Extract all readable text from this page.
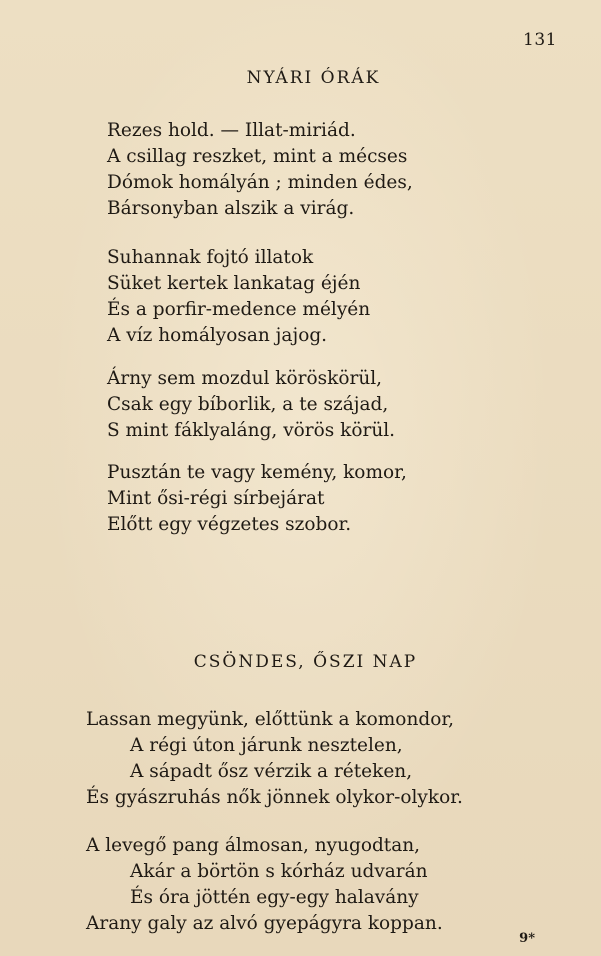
131
NYÁRI ÓRÁK
Rezes hold. — Illat-miriád.
A csillag reszket, mint a mécses
Dómok homályán ; minden édes,
Bársonyban alszik a virág.
Suhannak fojtó illatok
Süket kertek lankatag éjén
És a porfir-medence mélyén
A víz homályosan jajog.
Árny sem mozdul köröskörül,
Csak egy bíborlik, a te szájad,
S mint fáklyaláng, vörös körül.
Pusztán te vagy kemény, komor,
Mint ősi-régi sírbejárat
Előtt egy végzetes szobor.
CSÖNDES, ŐSZI NAP
Lassan megyünk, előttünk a komondor,
A régi úton járunk nesztelen,
A sápadt ősz vérzik a réteken,
És gyászruhás nők jönnek olykor-olykor.
A levegő pang álmosan, nyugodtan,
Akár a börtön s kórház udvarán
És óra jöttén egy-egy halavány
Arany galy az alvó gyepágyra koppan.
9*
